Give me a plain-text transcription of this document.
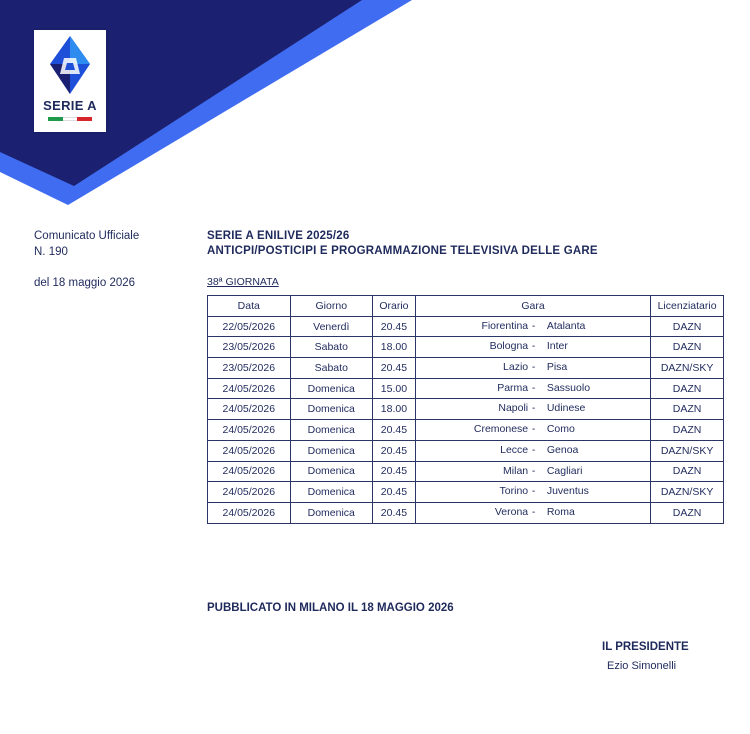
SERIE A
Comunicato Ufficiale
N. 190
del 18 maggio 2026
SERIE A ENILIVE 2025/26
ANTICPI/POSTICIPI E PROGRAMMAZIONE TELEVISIVA DELLE GARE
38ª GIORNATA
Data	Giorno	Orario	Gara	Licenziatario
22/05/2026	Venerdì	20.45	Fiorentina - Atalanta	DAZN
23/05/2026	Sabato	18.00	Bologna - Inter	DAZN
23/05/2026	Sabato	20.45	Lazio - Pisa	DAZN/SKY
24/05/2026	Domenica	15.00	Parma - Sassuolo	DAZN
24/05/2026	Domenica	18.00	Napoli - Udinese	DAZN
24/05/2026	Domenica	20.45	Cremonese - Como	DAZN
24/05/2026	Domenica	20.45	Lecce - Genoa	DAZN/SKY
24/05/2026	Domenica	20.45	Milan - Cagliari	DAZN
24/05/2026	Domenica	20.45	Torino - Juventus	DAZN/SKY
24/05/2026	Domenica	20.45	Verona - Roma	DAZN
PUBBLICATO IN MILANO IL 18 MAGGIO 2026
IL PRESIDENTE
Ezio Simonelli
